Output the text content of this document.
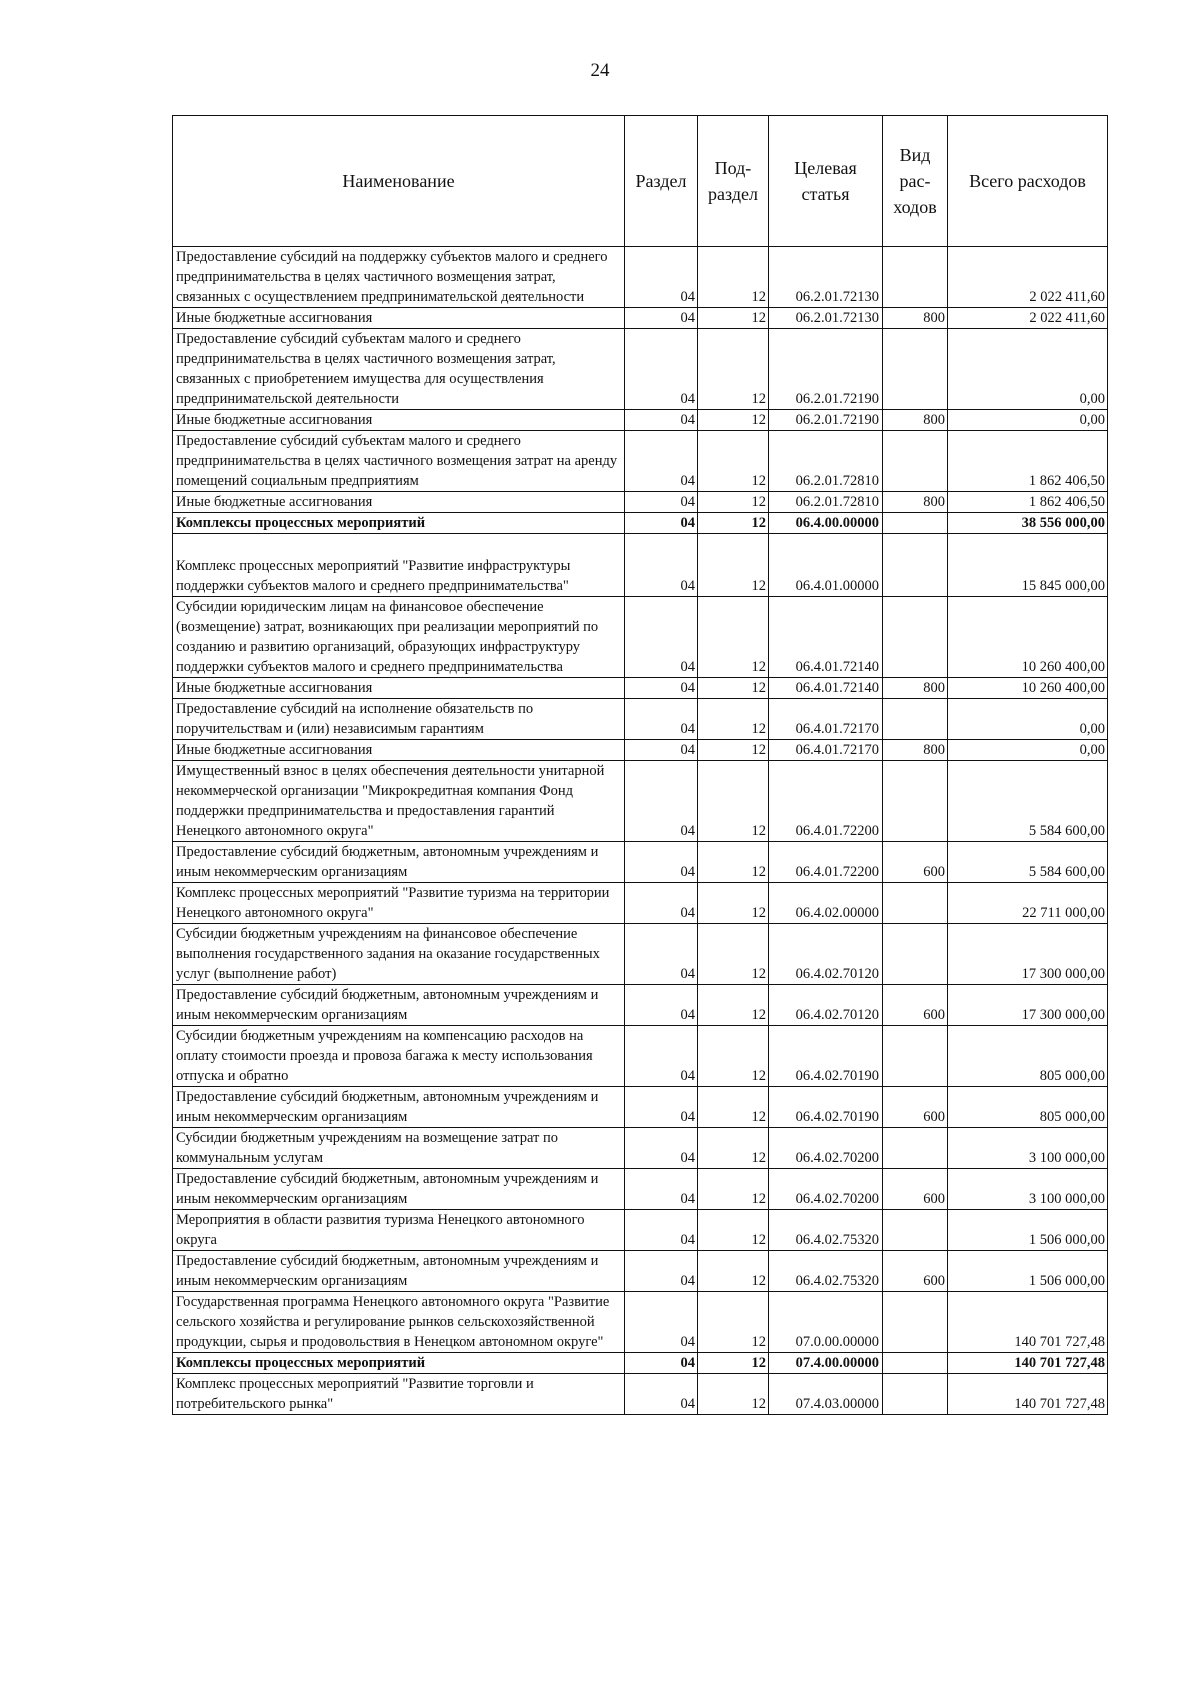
24
Наименование	Раздел	Под-раздел	Целевая статья	Вид рас-ходов	Всего расходов
Предоставление субсидий на поддержку субъектов малого и среднего предпринимательства в целях частичного возмещения затрат, связанных с осуществлением предпринимательской деятельности	04	12	06.2.01.72130		2 022 411,60
Иные бюджетные ассигнования	04	12	06.2.01.72130	800	2 022 411,60
Предоставление субсидий субъектам малого и среднего предпринимательства в целях частичного возмещения затрат, связанных с приобретением имущества для осуществления предпринимательской деятельности	04	12	06.2.01.72190		0,00
Иные бюджетные ассигнования	04	12	06.2.01.72190	800	0,00
Предоставление субсидий субъектам малого и среднего предпринимательства в целях частичного возмещения затрат на аренду помещений социальным предприятиям	04	12	06.2.01.72810		1 862 406,50
Иные бюджетные ассигнования	04	12	06.2.01.72810	800	1 862 406,50
Комплексы процессных мероприятий	04	12	06.4.00.00000		38 556 000,00
Комплекс процессных мероприятий "Развитие инфраструктуры поддержки субъектов малого и среднего предпринимательства"	04	12	06.4.01.00000		15 845 000,00
Субсидии юридическим лицам на финансовое обеспечение (возмещение) затрат, возникающих при реализации мероприятий по созданию и развитию организаций, образующих инфраструктуру поддержки субъектов малого и среднего предпринимательства	04	12	06.4.01.72140		10 260 400,00
Иные бюджетные ассигнования	04	12	06.4.01.72140	800	10 260 400,00
Предоставление субсидий на исполнение обязательств по поручительствам и (или) независимым гарантиям	04	12	06.4.01.72170		0,00
Иные бюджетные ассигнования	04	12	06.4.01.72170	800	0,00
Имущественный взнос в целях обеспечения деятельности унитарной некоммерческой организации "Микрокредитная компания Фонд поддержки предпринимательства и предоставления гарантий Ненецкого автономного округа"	04	12	06.4.01.72200		5 584 600,00
Предоставление субсидий бюджетным, автономным учреждениям и иным некоммерческим организациям	04	12	06.4.01.72200	600	5 584 600,00
Комплекс процессных мероприятий "Развитие туризма на территории Ненецкого автономного округа"	04	12	06.4.02.00000		22 711 000,00
Субсидии бюджетным учреждениям на финансовое обеспечение выполнения государственного задания на оказание государственных услуг (выполнение работ)	04	12	06.4.02.70120		17 300 000,00
Предоставление субсидий бюджетным, автономным учреждениям и иным некоммерческим организациям	04	12	06.4.02.70120	600	17 300 000,00
Субсидии бюджетным учреждениям на компенсацию расходов на оплату стоимости проезда и провоза багажа к месту использования отпуска и обратно	04	12	06.4.02.70190		805 000,00
Предоставление субсидий бюджетным, автономным учреждениям и иным некоммерческим организациям	04	12	06.4.02.70190	600	805 000,00
Субсидии бюджетным учреждениям на возмещение затрат по коммунальным услугам	04	12	06.4.02.70200		3 100 000,00
Предоставление субсидий бюджетным, автономным учреждениям и иным некоммерческим организациям	04	12	06.4.02.70200	600	3 100 000,00
Мероприятия в области развития туризма Ненецкого автономного округа	04	12	06.4.02.75320		1 506 000,00
Предоставление субсидий бюджетным, автономным учреждениям и иным некоммерческим организациям	04	12	06.4.02.75320	600	1 506 000,00
Государственная программа Ненецкого автономного округа "Развитие сельского хозяйства и регулирование рынков сельскохозяйственной продукции, сырья и продовольствия в Ненецком автономном округе"	04	12	07.0.00.00000		140 701 727,48
Комплексы процессных мероприятий	04	12	07.4.00.00000		140 701 727,48
Комплекс процессных мероприятий "Развитие торговли и потребительского рынка"	04	12	07.4.03.00000		140 701 727,48
